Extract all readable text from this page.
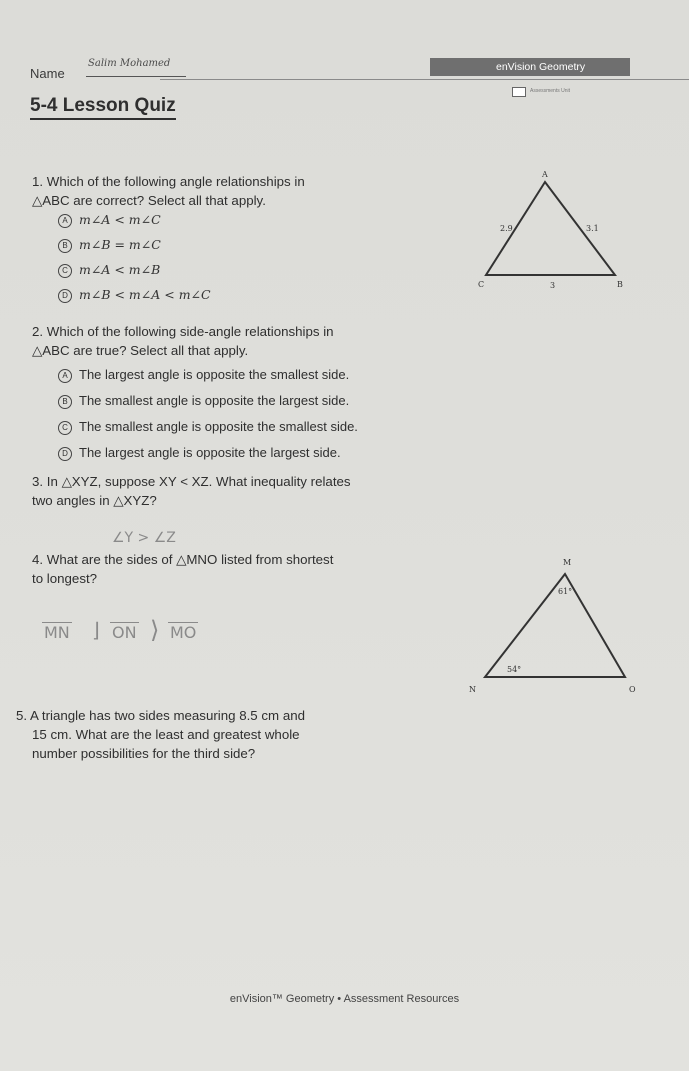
Name
Salim Mohamed	enVision Geometry
Assessments Unit
5-4 Lesson Quiz
1. Which of the following angle relationships in
△ABC are correct? Select all that apply.
A m∠A < m∠C
B m∠B = m∠C
C m∠A < m∠B
D m∠B < m∠A < m∠C
A
C	B
2.9	3.1
3
2. Which of the following side-angle relationships in
△ABC are true? Select all that apply.
A The largest angle is opposite the smallest side.
B The smallest angle is opposite the largest side.
C The smallest angle is opposite the smallest side.
D The largest angle is opposite the largest side.
3. In △XYZ, suppose XY < XZ. What inequality relates
two angles in △XYZ?
∠Y > ∠Z
4. What are the sides of △MNO listed from shortest
to longest?
MN ⌋ ON ⟩ MO
M
N	O
61°
54°
5. A triangle has two sides measuring 8.5 cm and
15 cm. What are the least and greatest whole
number possibilities for the third side?
enVision™ Geometry • Assessment Resources
